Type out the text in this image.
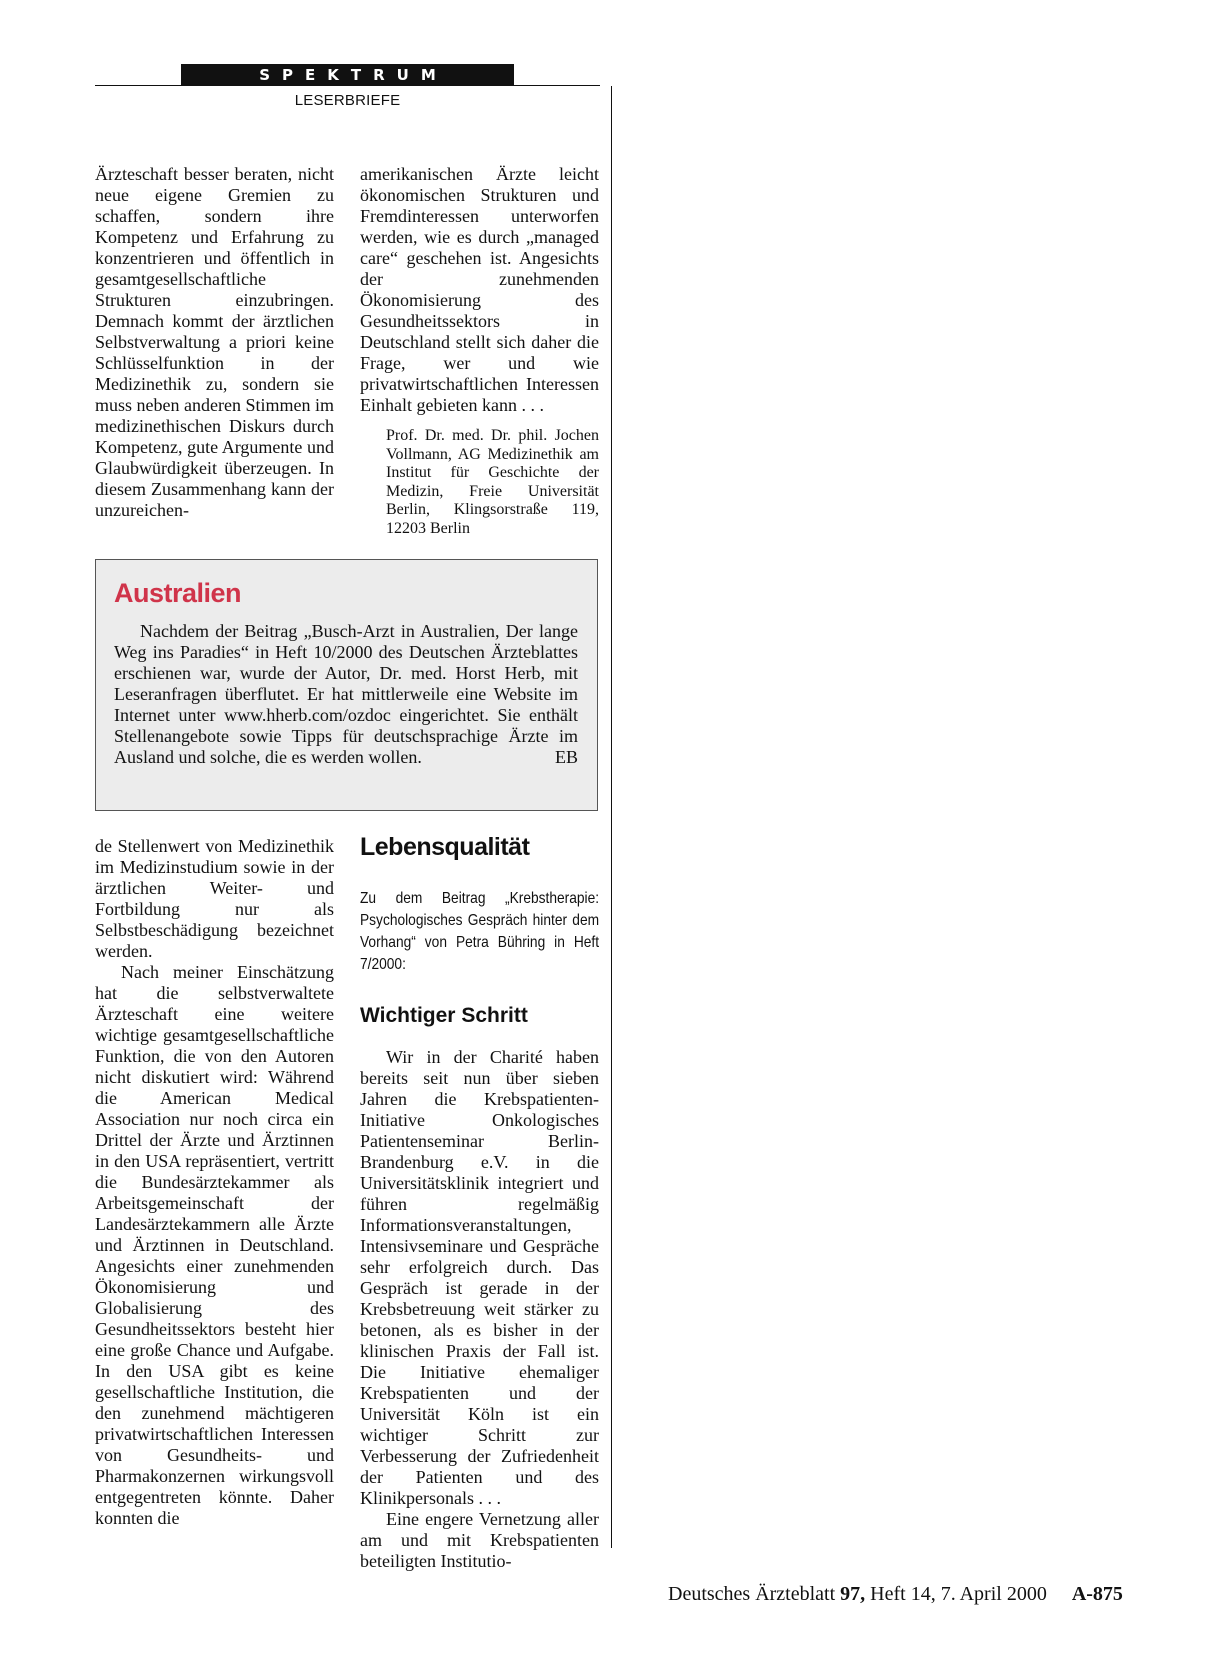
SPEKTRUM
LESERBRIEFE

Ärzteschaft besser beraten, nicht neue eigene Gremien zu schaffen, sondern ihre Kompetenz und Erfahrung zu konzentrieren und öffentlich in gesamtgesellschaftliche Strukturen einzubringen. Demnach kommt der ärztlichen Selbstverwaltung a priori keine Schlüsselfunktion in der Medizinethik zu, sondern sie muss neben anderen Stimmen im medizinethischen Diskurs durch Kompetenz, gute Argumente und Glaubwürdigkeit überzeugen. In diesem Zusammenhang kann der unzureichen-

amerikanischen Ärzte leicht ökonomischen Strukturen und Fremdinteressen unterworfen werden, wie es durch „managed care“ geschehen ist. Angesichts der zunehmenden Ökonomisierung des Gesundheitssektors in Deutschland stellt sich daher die Frage, wer und wie privatwirtschaftlichen Interessen Einhalt gebieten kann . . .

Prof. Dr. med. Dr. phil. Jochen Vollmann, AG Medizinethik am Institut für Geschichte der Medizin, Freie Universität Berlin, Klingsorstraße 119, 12203 Berlin
Australien

Nachdem der Beitrag „Busch-Arzt in Australien, Der lange Weg ins Paradies“ in Heft 10/2000 des Deutschen Ärzteblattes erschienen war, wurde der Autor, Dr. med. Horst Herb, mit Leseranfragen überflutet. Er hat mittlerweile eine Website im Internet unter www.hherb.com/ozdoc eingerichtet. Sie enthält Stellenangebote sowie Tipps für deutschsprachige Ärzte im Ausland und solche, die es werden wollen.	EB

de Stellenwert von Medizinethik im Medizinstudium sowie in der ärztlichen Weiter- und Fortbildung nur als Selbstbeschädigung bezeichnet werden.

Nach meiner Einschätzung hat die selbstverwaltete Ärzteschaft eine weitere wichtige gesamtgesellschaftliche Funktion, die von den Autoren nicht diskutiert wird: Während die American Medical Association nur noch circa ein Drittel der Ärzte und Ärztinnen in den USA repräsentiert, vertritt die Bundesärztekammer als Arbeitsgemeinschaft der Landesärztekammern alle Ärzte und Ärztinnen in Deutschland. Angesichts einer zunehmenden Ökonomisierung und Globalisierung des Gesundheitssektors besteht hier eine große Chance und Aufgabe. In den USA gibt es keine gesellschaftliche Institution, die den zunehmend mächtigeren privatwirtschaftlichen Interessen von Gesundheits- und Pharmakonzernen wirkungsvoll entgegentreten könnte. Daher konnten die

Lebensqualität
Zu dem Beitrag „Krebstherapie: Psychologisches Gespräch hinter dem Vorhang“ von Petra Bühring in Heft 7/2000:
Wichtiger Schritt

Wir in der Charité haben bereits seit nun über sieben Jahren die Krebspatienten-Initiative Onkologisches Patientenseminar Berlin-Brandenburg e.V. in die Universitätsklinik integriert und führen regelmäßig Informationsveranstaltungen, Intensivseminare und Gespräche sehr erfolgreich durch. Das Gespräch ist gerade in der Krebsbetreuung weit stärker zu betonen, als es bisher in der klinischen Praxis der Fall ist. Die Initiative ehemaliger Krebspatienten und der Universität Köln ist ein wichtiger Schritt zur Verbesserung der Zufriedenheit der Patienten und des Klinikpersonals . . .

Eine engere Vernetzung aller am und mit Krebspatienten beteiligten Institutio-

Deutsches Ärzteblatt 97, Heft 14, 7. April 2000 A-875
